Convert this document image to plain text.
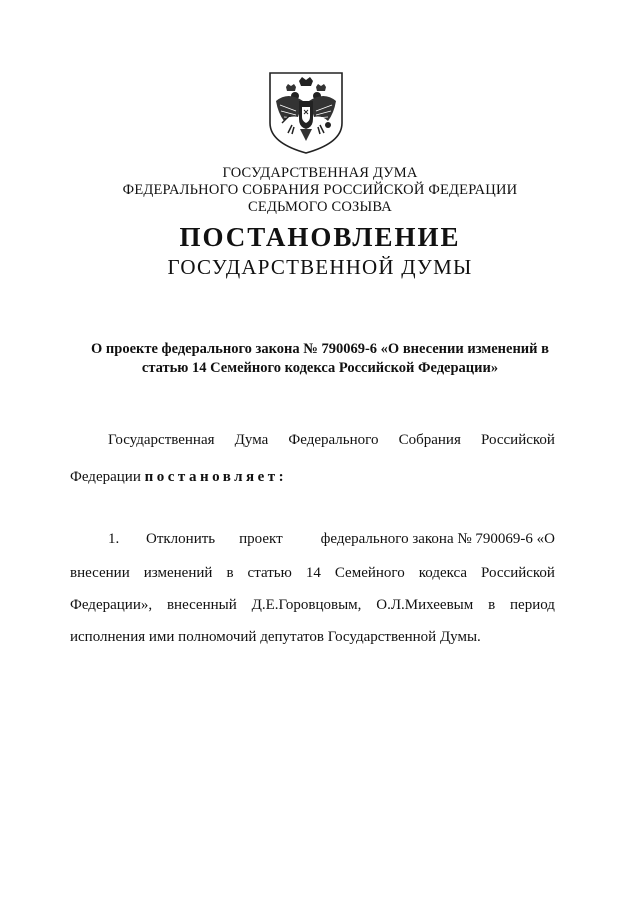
ГОСУДАРСТВЕННАЯ ДУМА
ФЕДЕРАЛЬНОГО СОБРАНИЯ РОССИЙСКОЙ ФЕДЕРАЦИИ
СЕДЬМОГО СОЗЫВА
ПОСТАНОВЛЕНИЕ
ГОСУДАРСТВЕННОЙ ДУМЫ
О проекте федерального закона № 790069-6 «О внесении изменений в
статью 14 Семейного кодекса Российской Федерации»
Государственная Дума Федерального Собрания Российской
Федерации постановляет:
1.	Отклонить проект	федерального закона № 790069-6 «О
внесении изменений в статью 14 Семейного кодекса Российской
Федерации», внесенный Д.Е.Горовцовым, О.Л.Михеевым в период
исполнения ими полномочий депутатов Государственной Думы.
